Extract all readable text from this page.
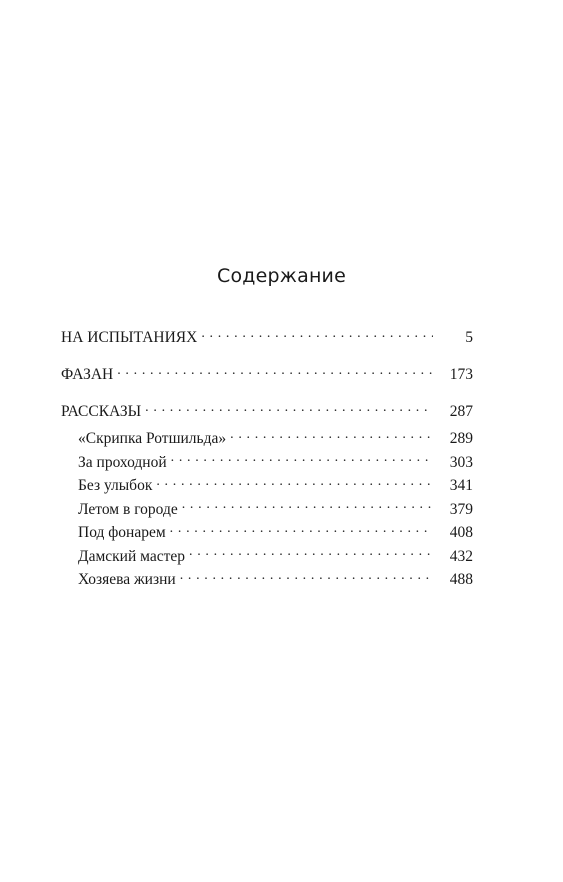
Содержание
НА ИСПЫТАНИЯХ . . .	5
ФАЗАН . . .	173
РАССКАЗЫ . . .	287
«Скрипка Ротшильда» . . .	289
За проходной . . .	303
Без улыбок . . .	341
Летом в городе . . .	379
Под фонарем . . .	408
Дамский мастер . . .	432
Хозяева жизни . . .	488
